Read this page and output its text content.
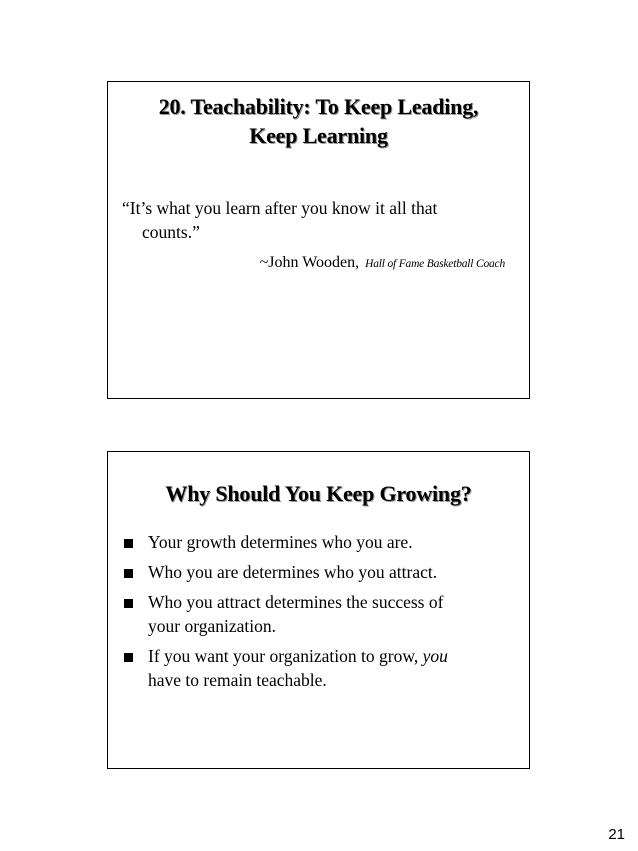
20. Teachability: To Keep Leading,
Keep Learning
“It’s what you learn after you know it all that
counts.”
~John Wooden, Hall of Fame Basketball Coach
Why Should You Keep Growing?
Your growth determines who you are.
Who you are determines who you attract.
Who you attract determines the success of
your organization.
If you want your organization to grow, you
have to remain teachable.
21
